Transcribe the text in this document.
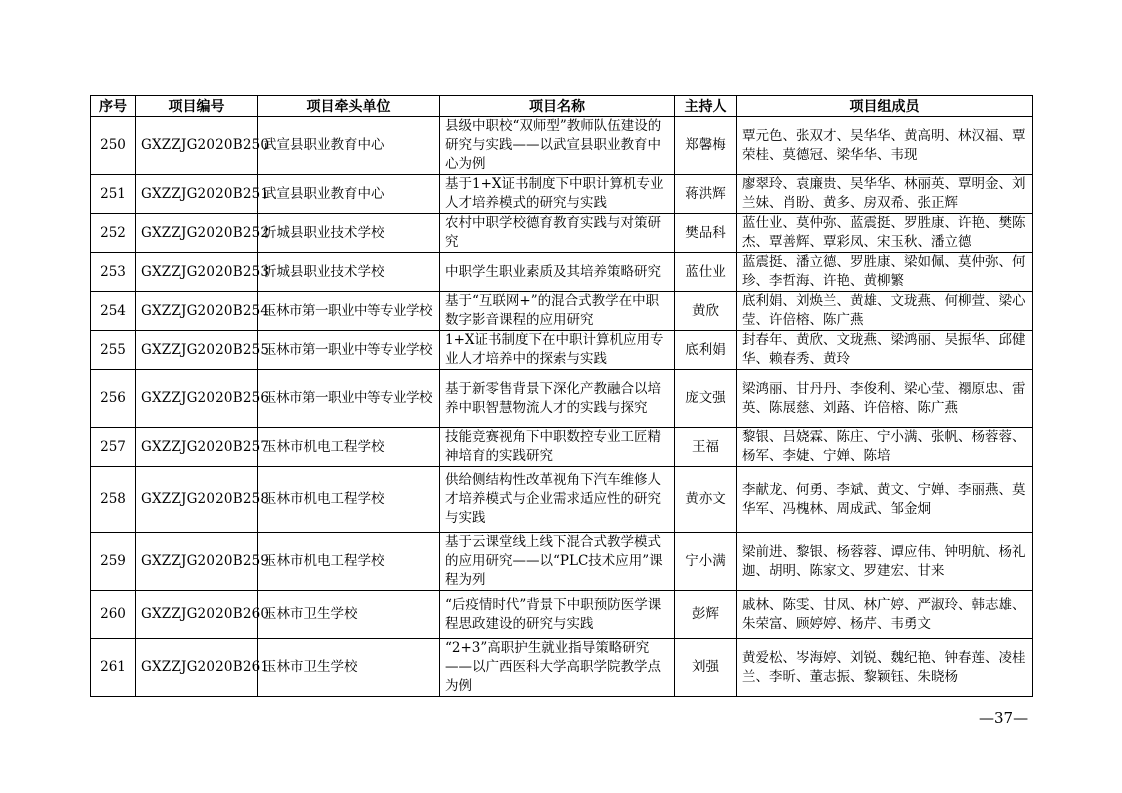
序号	项目编号	项目牵头单位	项目名称	主持人	项目组成员
250	GXZZJG2020B250	武宣县职业教育中心	县级中职校“双师型”教师队伍建设的研究与实践——以武宣县职业教育中心为例	郑馨梅	覃元色、张双才、吴华华、黄高明、林汉福、覃荣桂、莫德冠、梁华华、韦现
251	GXZZJG2020B251	武宣县职业教育中心	基于1+X证书制度下中职计算机专业人才培养模式的研究与实践	蒋洪辉	廖翠玲、袁廉贵、吴华华、林丽英、覃明金、刘兰妹、肖盼、黄多、房双希、张正辉
252	GXZZJG2020B252	忻城县职业技术学校	农村中职学校德育教育实践与对策研究	樊品科	蓝仕业、莫仲弥、蓝震挺、罗胜康、许艳、樊陈杰、覃善辉、覃彩凤、宋玉秋、潘立德
253	GXZZJG2020B253	忻城县职业技术学校	中职学生职业素质及其培养策略研究	蓝仕业	蓝震挺、潘立德、罗胜康、梁如佩、莫仲弥、何珍、李哲海、许艳、黄柳繁
254	GXZZJG2020B254	玉林市第一职业中等专业学校	基于“互联网+”的混合式教学在中职数字影音课程的应用研究	黄欣	底利娟、刘焕兰、黄雄、文珑燕、何柳萱、梁心莹、许倍榕、陈广燕
255	GXZZJG2020B255	玉林市第一职业中等专业学校	1+X证书制度下在中职计算机应用专业人才培养中的探索与实践	底利娟	封春年、黄欣、文珑燕、梁鸿丽、吴振华、邱健华、赖春秀、黄玲
256	GXZZJG2020B256	玉林市第一职业中等专业学校	基于新零售背景下深化产教融合以培养中职智慧物流人才的实践与探究	庞文强	梁鸿丽、甘丹丹、李俊利、梁心莹、禤原忠、雷英、陈展慈、刘蕗、许倍榕、陈广燕
257	GXZZJG2020B257	玉林市机电工程学校	技能竞赛视角下中职数控专业工匠精神培育的实践研究	王福	黎银、吕娆霖、陈庄、宁小满、张帆、杨蓉蓉、杨军、李婕、宁婵、陈培
258	GXZZJG2020B258	玉林市机电工程学校	供给侧结构性改革视角下汽车维修人才培养模式与企业需求适应性的研究与实践	黄亦文	李献龙、何勇、李斌、黄文、宁婵、李丽燕、莫华军、冯槐林、周成武、邹金炯
259	GXZZJG2020B259	玉林市机电工程学校	基于云课堂线上线下混合式教学模式的应用研究——以“PLC技术应用”课程为列	宁小满	梁前进、黎银、杨蓉蓉、谭应伟、钟明航、杨礼迦、胡明、陈家文、罗建宏、甘来
260	GXZZJG2020B260	玉林市卫生学校	“后疫情时代”背景下中职预防医学课程思政建设的研究与实践	彭辉	戚林、陈雯、甘凤、林广婷、严淑玲、韩志雄、朱荣富、顾婷婷、杨芹、韦勇文
261	GXZZJG2020B261	玉林市卫生学校	“2+3”高职护生就业指导策略研究——以广西医科大学高职学院教学点为例	刘强	黄爱松、岑海婷、刘锐、魏纪艳、钟春莲、凌桂兰、李昕、董志振、黎颖钰、朱晓杨
—37—
